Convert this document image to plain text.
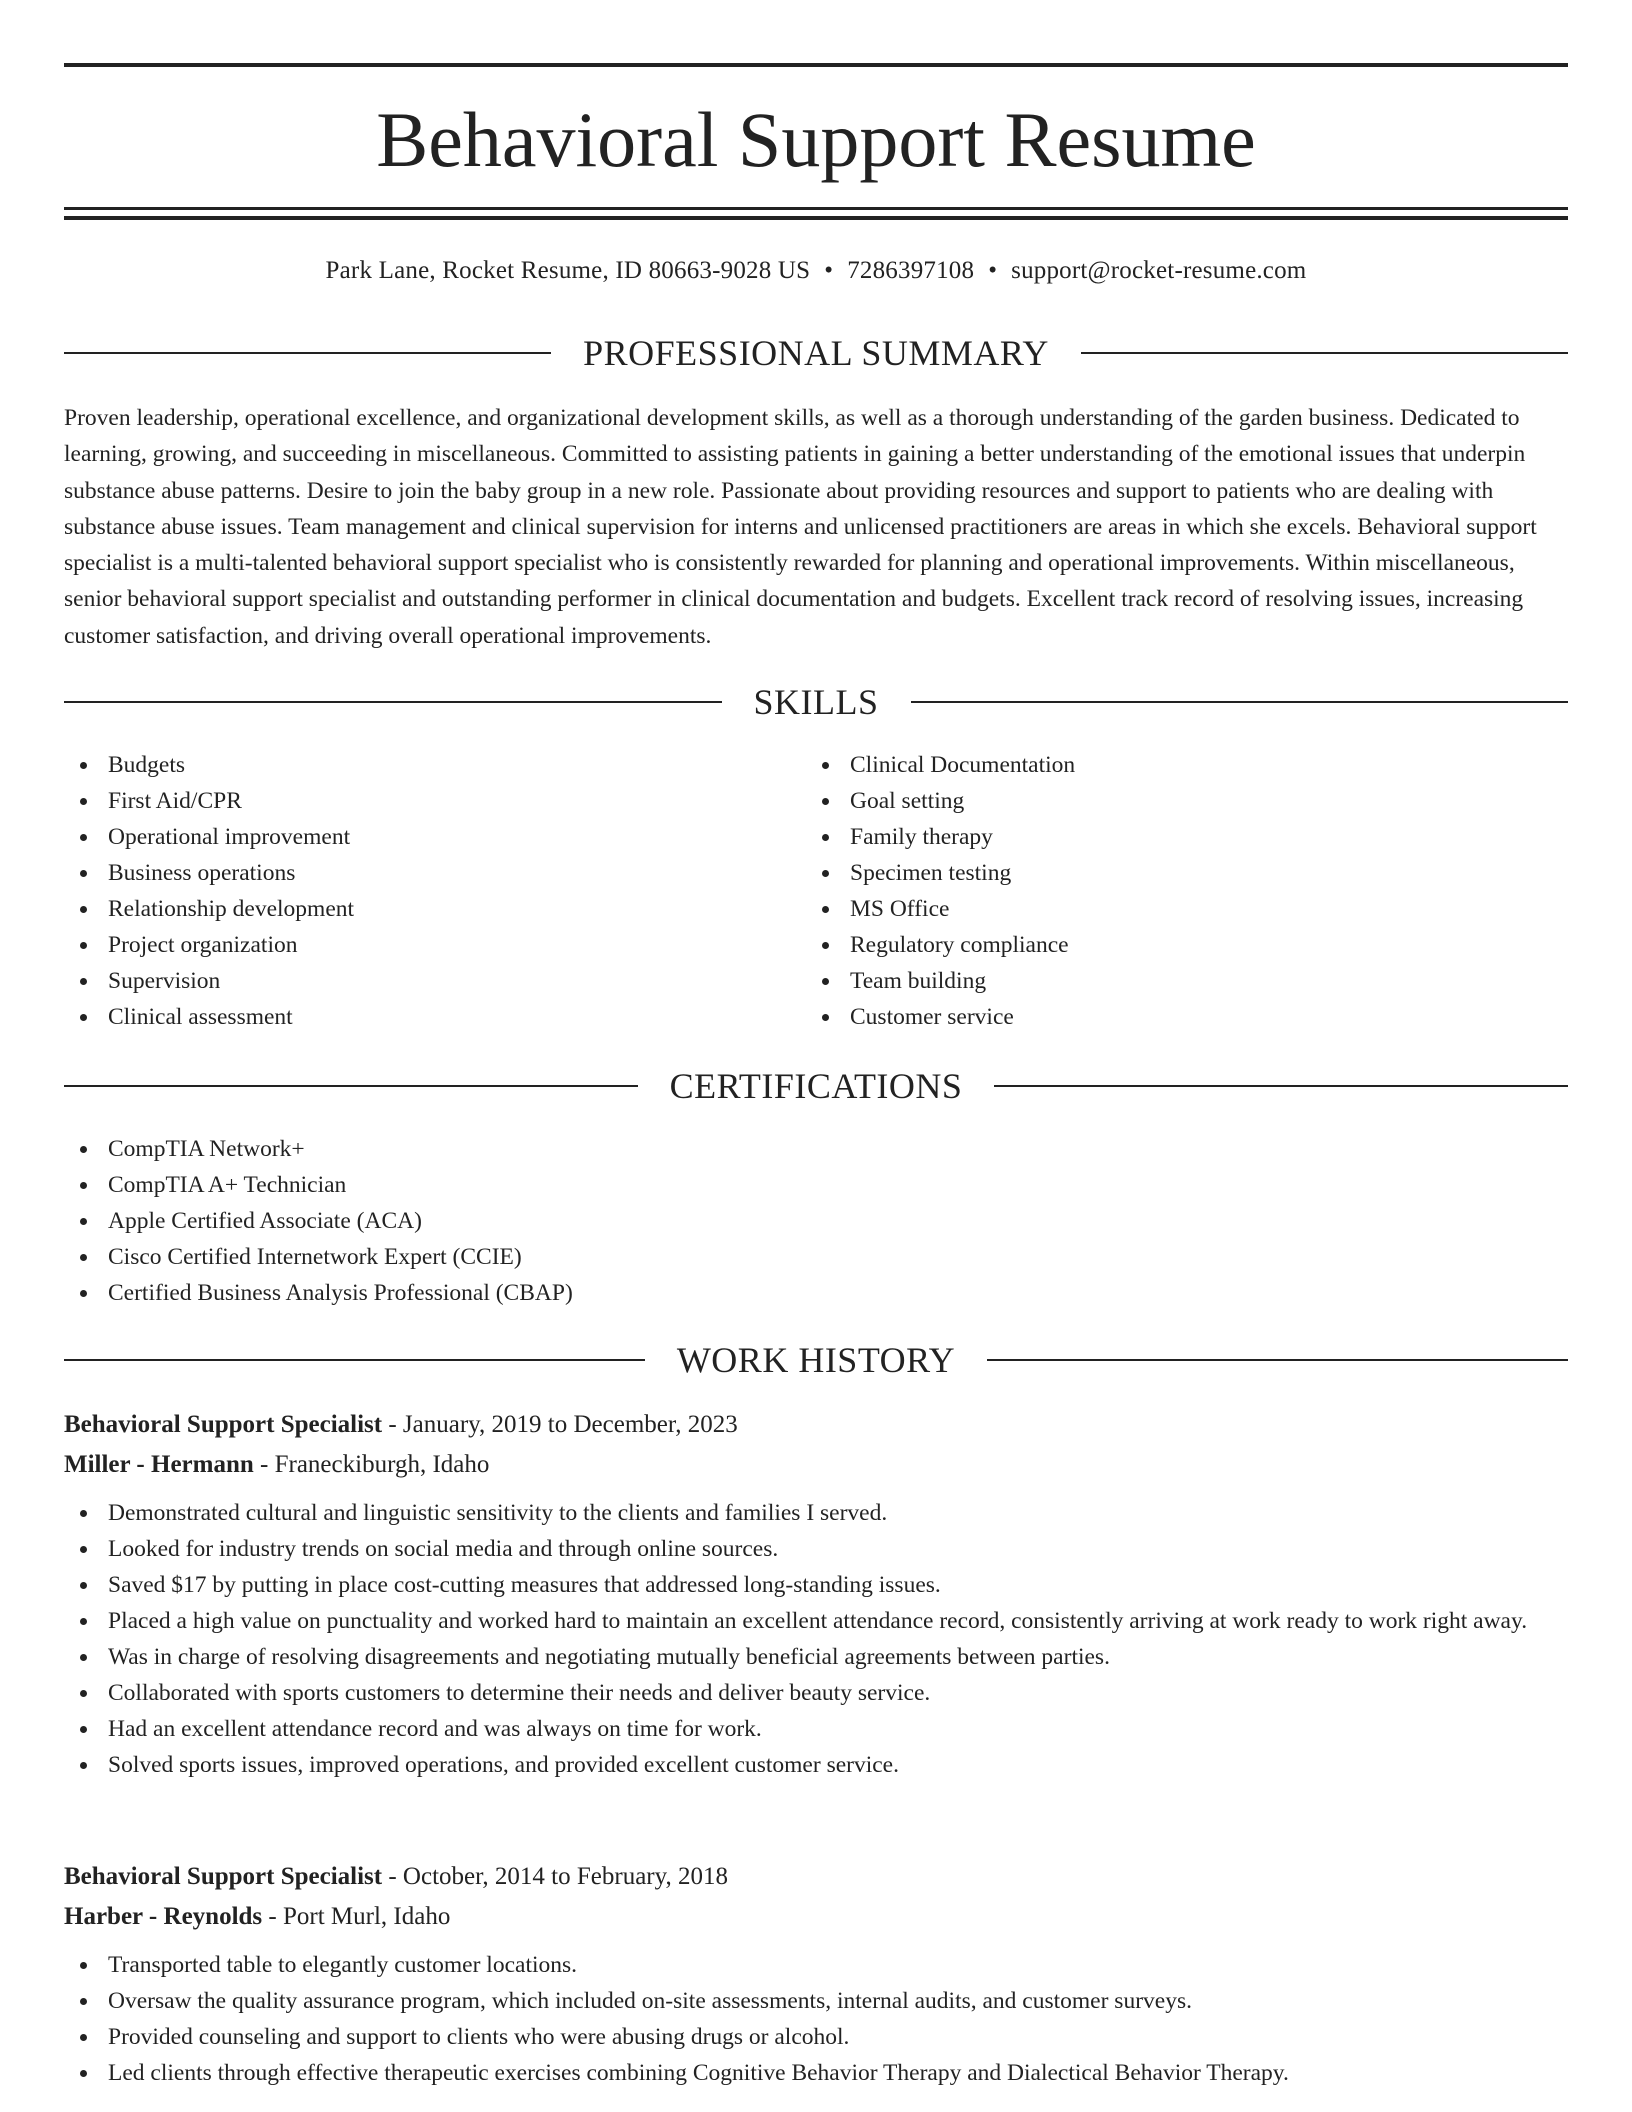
Behavioral Support Resume
Park Lane, Rocket Resume, ID 80663-9028 US • 7286397108 • support@rocket-resume.com
PROFESSIONAL SUMMARY

Proven leadership, operational excellence, and organizational development skills, as well as a thorough understanding of the garden business. Dedicated to learning, growing, and succeeding in miscellaneous. Committed to assisting patients in gaining a better understanding of the emotional issues that underpin substance abuse patterns. Desire to join the baby group in a new role. Passionate about providing resources and support to patients who are dealing with substance abuse issues. Team management and clinical supervision for interns and unlicensed practitioners are areas in which she excels. Behavioral support specialist is a multi-talented behavioral support specialist who is consistently rewarded for planning and operational improvements. Within miscellaneous, senior behavioral support specialist and outstanding performer in clinical documentation and budgets. Excellent track record of resolving issues, increasing customer satisfaction, and driving overall operational improvements.

SKILLS
Budgets
First Aid/CPR
Operational improvement
Business operations
Relationship development
Project organization
Supervision
Clinical assessment
Clinical Documentation
Goal setting
Family therapy
Specimen testing
MS Office
Regulatory compliance
Team building
Customer service
CERTIFICATIONS
CompTIA Network+
CompTIA A+ Technician
Apple Certified Associate (ACA)
Cisco Certified Internetwork Expert (CCIE)
Certified Business Analysis Professional (CBAP)
WORK HISTORY
Behavioral Support Specialist - January, 2019 to December, 2023
Miller - Hermann - Franeckiburgh, Idaho
Demonstrated cultural and linguistic sensitivity to the clients and families I served.
Looked for industry trends on social media and through online sources.
Saved $17 by putting in place cost-cutting measures that addressed long-standing issues.
Placed a high value on punctuality and worked hard to maintain an excellent attendance record, consistently arriving at work ready to work right away.
Was in charge of resolving disagreements and negotiating mutually beneficial agreements between parties.
Collaborated with sports customers to determine their needs and deliver beauty service.
Had an excellent attendance record and was always on time for work.
Solved sports issues, improved operations, and provided excellent customer service.
Behavioral Support Specialist - October, 2014 to February, 2018
Harber - Reynolds - Port Murl, Idaho
Transported table to elegantly customer locations.
Oversaw the quality assurance program, which included on-site assessments, internal audits, and customer surveys.
Provided counseling and support to clients who were abusing drugs or alcohol.
Led clients through effective therapeutic exercises combining Cognitive Behavior Therapy and Dialectical Behavior Therapy.
